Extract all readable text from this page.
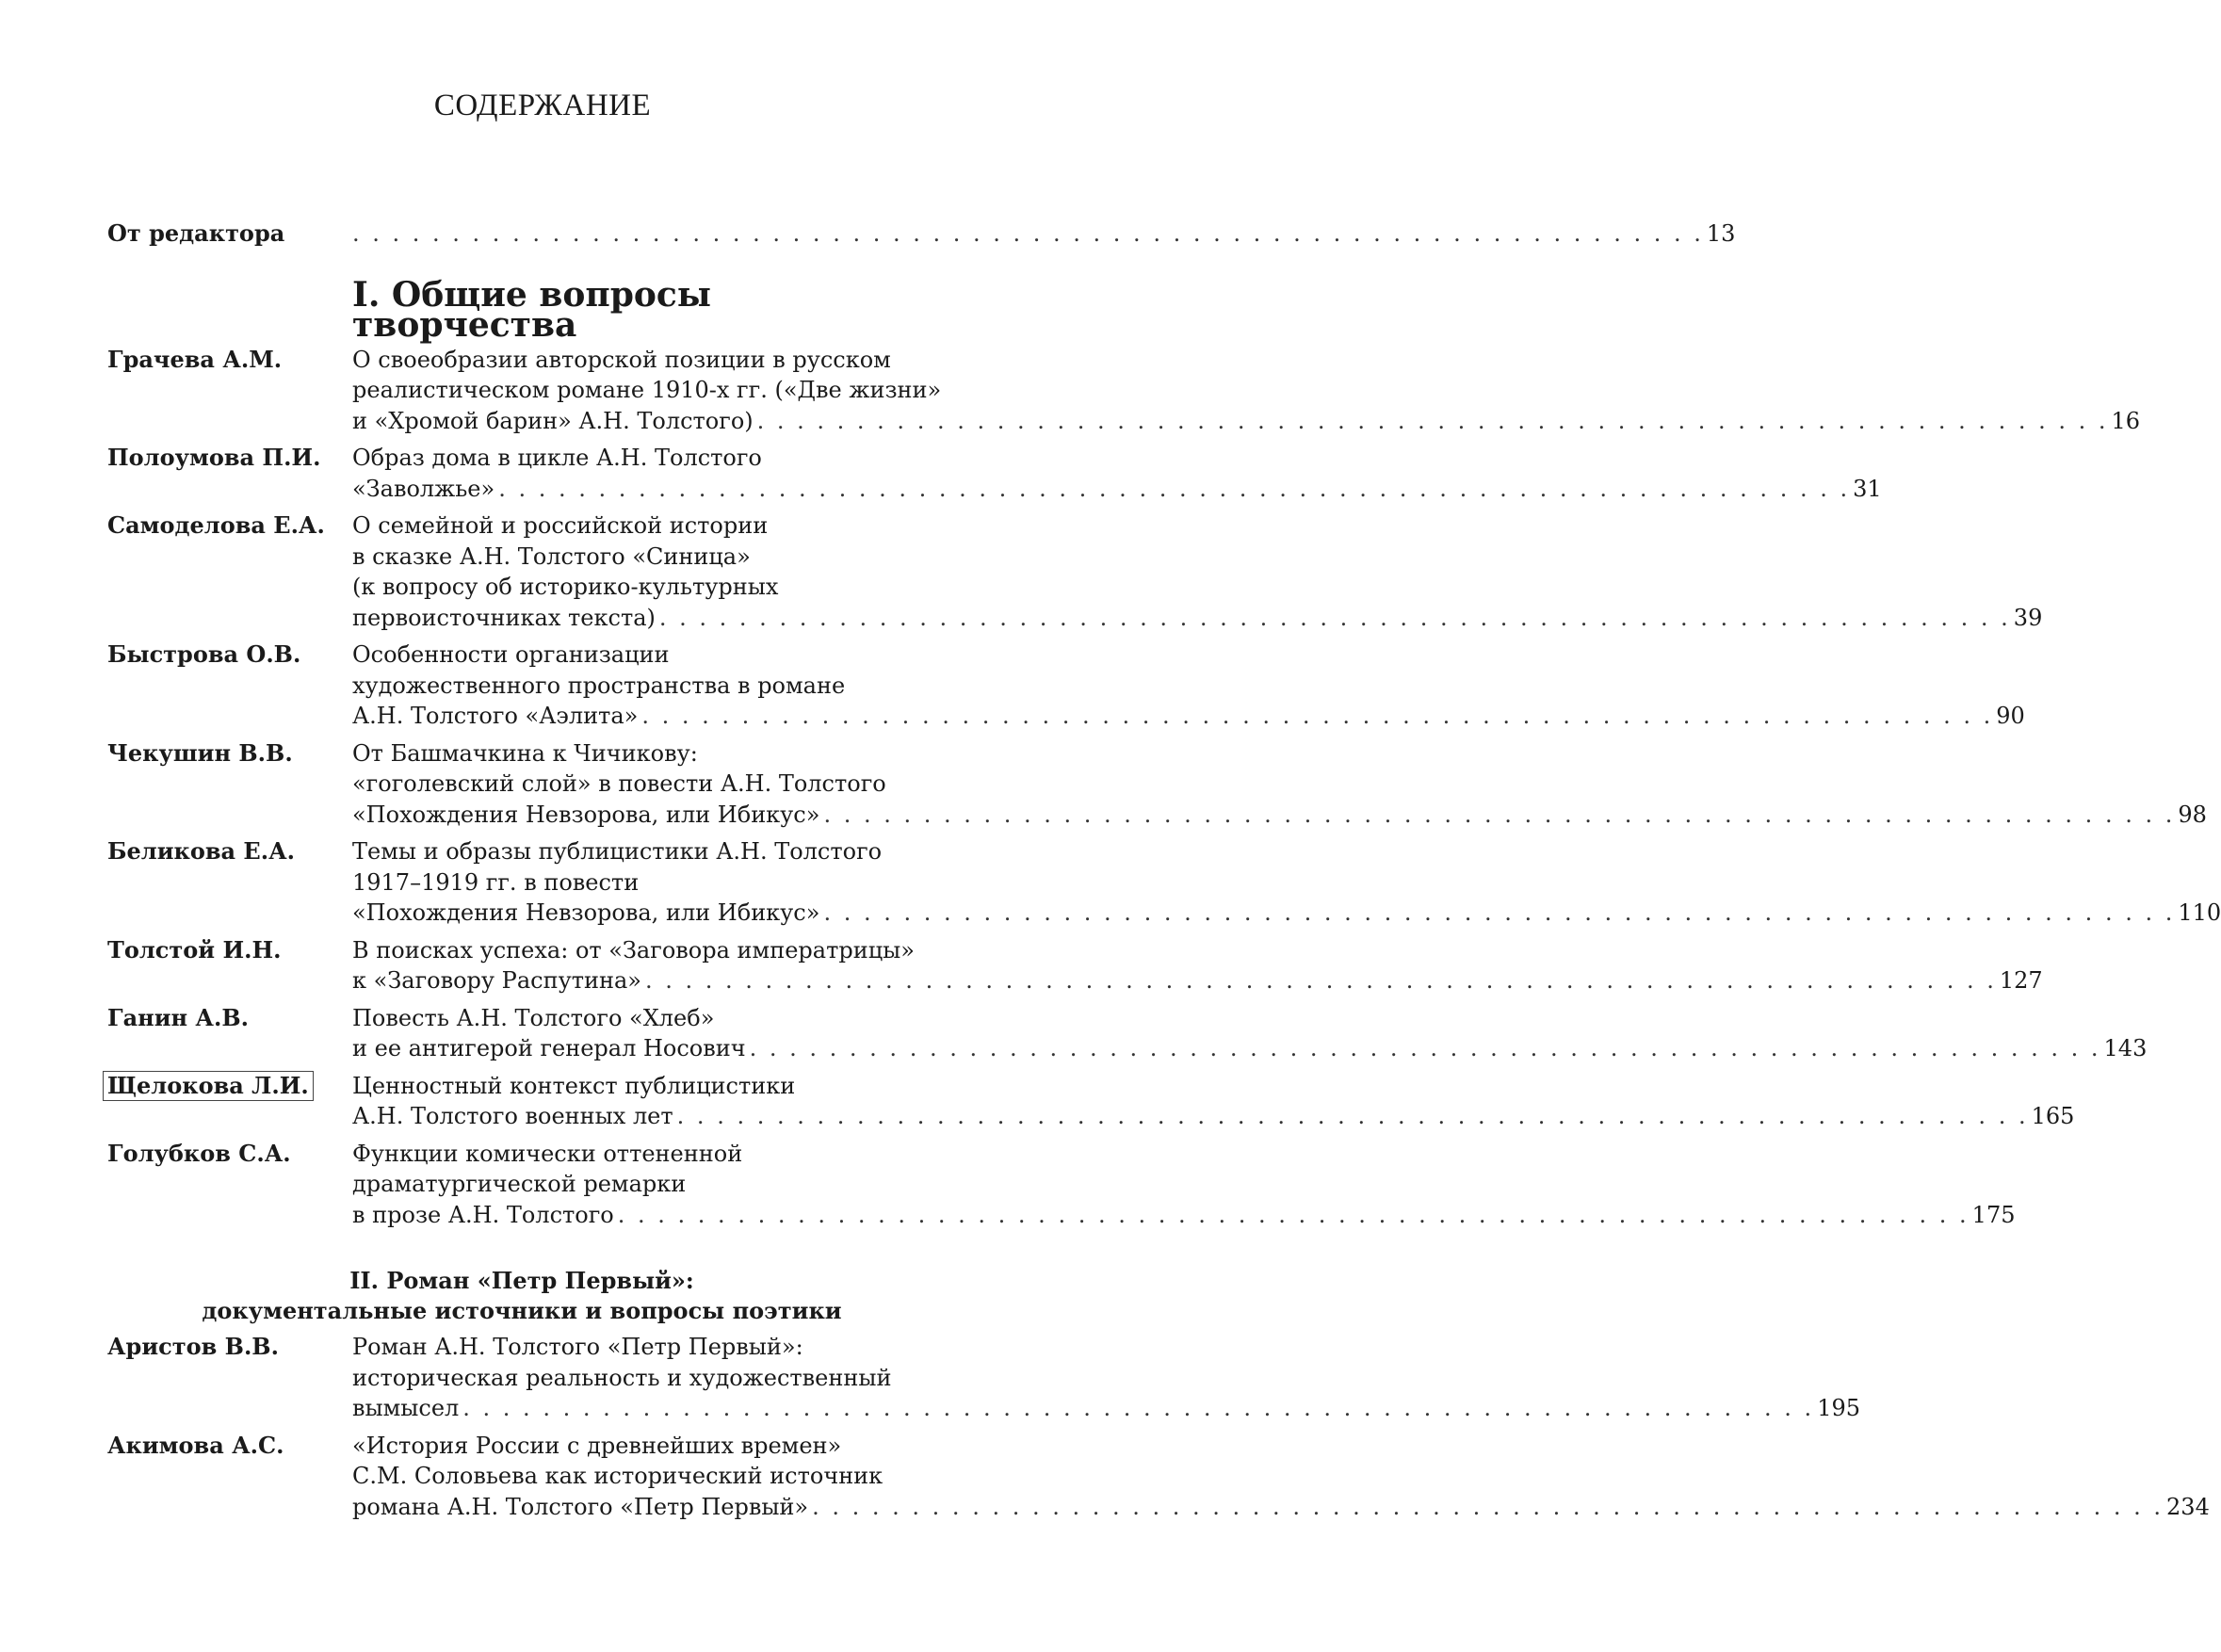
СОДЕРЖАНИЕ
От редактора . . .	13
I. Общие вопросы творчества
Грачева А.М.	О своеобразии авторской позиции в русском
реалистическом романе 1910-х гг. («Две жизни»
и «Хромой барин» А.Н. Толстого) . . .	16
Полоумова П.И.	Образ дома в цикле А.Н. Толстого
«Заволжье» . . .	31
Самоделова Е.А.	О семейной и российской истории
в сказке А.Н. Толстого «Синица»
(к вопросу об историко-культурных
первоисточниках текста) . . .	39
Быстрова О.В.	Особенности организации
художественного пространства в романе
А.Н. Толстого «Аэлита» . . .	90
Чекушин В.В.	От Башмачкина к Чичикову:
«гоголевский слой» в повести А.Н. Толстого
«Похождения Невзорова, или Ибикус» . . .	98
Беликова Е.А.	Темы и образы публицистики А.Н. Толстого
1917–1919 гг. в повести
«Похождения Невзорова, или Ибикус» . . .	110
Толстой И.Н.	В поисках успеха: от «Заговора императрицы»
к «Заговору Распутина» . . .	127
Ганин А.В.	Повесть А.Н. Толстого «Хлеб»
и ее антигерой генерал Носович . . .	143
Щелокова Л.И.	Ценностный контекст публицистики
А.Н. Толстого военных лет . . .	165
Голубков С.А.	Функции комически оттененной
драматургической ремарки
в прозе А.Н. Толстого . . .	175
II. Роман «Петр Первый»:
документальные источники и вопросы поэтики
Аристов В.В.	Роман А.Н. Толстого «Петр Первый»:
историческая реальность и художественный
вымысел . . .	195
Акимова А.С.	«История России с древнейших времен»
С.М. Соловьева как исторический источник
романа А.Н. Толстого «Петр Первый» . . .	234
